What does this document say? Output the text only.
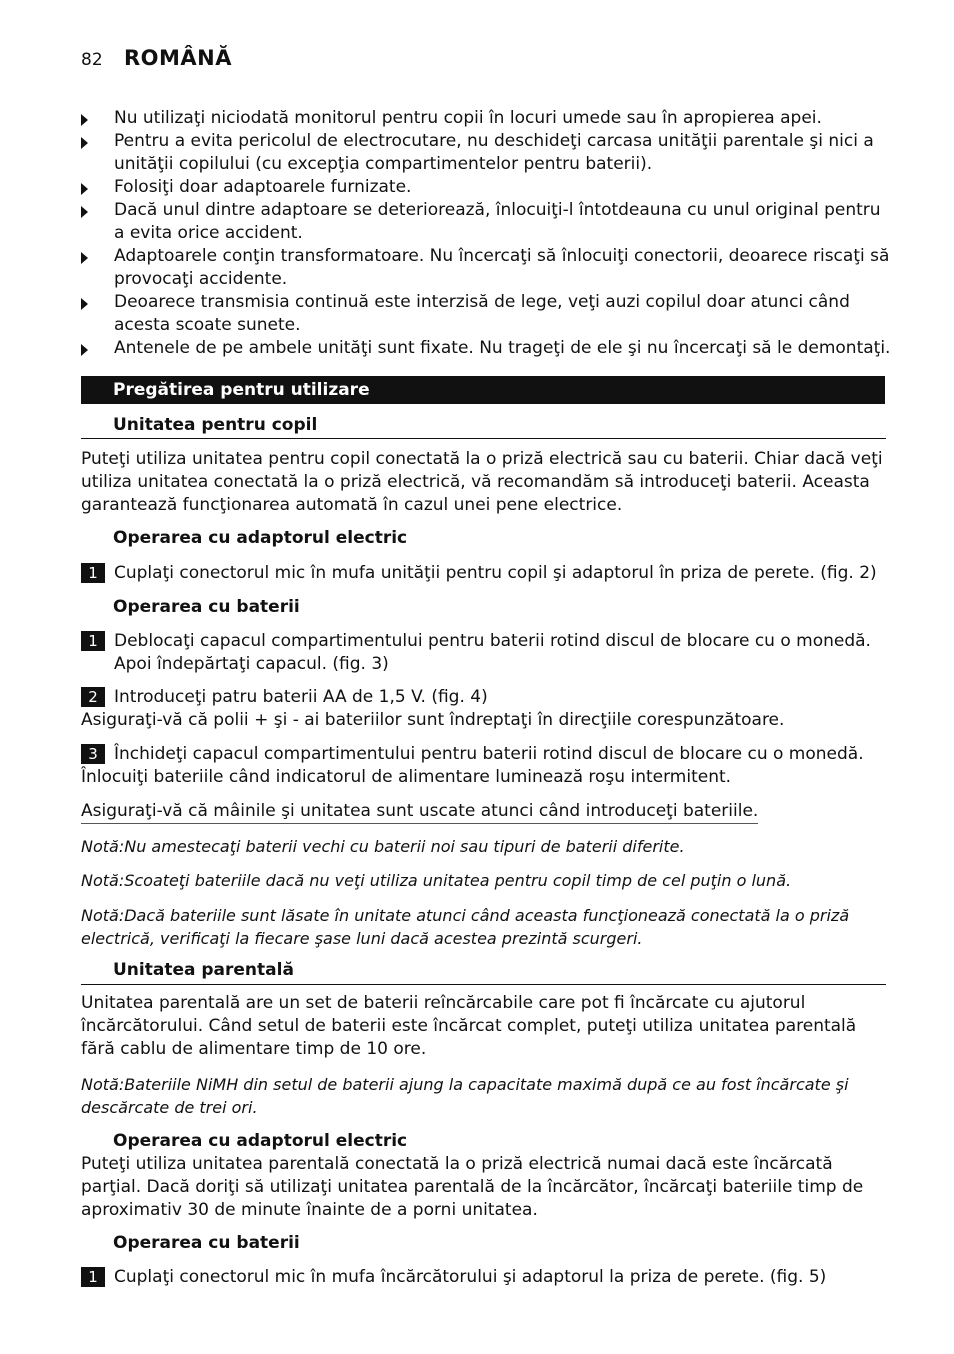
82 ROMÂNĂ
Nu utilizaţi niciodată monitorul pentru copii în locuri umede sau în apropierea apei.
Pentru a evita pericolul de electrocutare, nu deschideţi carcasa unităţii parentale şi nici a unităţii copilului (cu excepţia compartimentelor pentru baterii).
Folosiţi doar adaptoarele furnizate.
Dacă unul dintre adaptoare se deteriorează, înlocuiţi-l întotdeauna cu unul original pentru a evita orice accident.
Adaptoarele conţin transformatoare. Nu încercaţi să înlocuiţi conectorii, deoarece riscaţi să provocaţi accidente.
Deoarece transmisia continuă este interzisă de lege, veţi auzi copilul doar atunci când acesta scoate sunete.
Antenele de pe ambele unităţi sunt fixate. Nu trageţi de ele şi nu încercaţi să le demontaţi.
Pregătirea pentru utilizare
Unitatea pentru copil
Puteţi utiliza unitatea pentru copil conectată la o priză electrică sau cu baterii. Chiar dacă veţi utiliza unitatea conectată la o priză electrică, vă recomandăm să introduceţi baterii. Aceasta garantează funcţionarea automată în cazul unei pene electrice.
Operarea cu adaptorul electric
1 Cuplaţi conectorul mic în mufa unităţii pentru copil şi adaptorul în priza de perete. (fig. 2)
Operarea cu baterii
1 Deblocaţi capacul compartimentului pentru baterii rotind discul de blocare cu o monedă. Apoi îndepărtaţi capacul. (fig. 3)
2 Introduceţi patru baterii AA de 1,5 V. (fig. 4)
Asiguraţi-vă că polii + şi - ai bateriilor sunt îndreptaţi în direcţiile corespunzătoare.
3 Închideţi capacul compartimentului pentru baterii rotind discul de blocare cu o monedă.
Înlocuiţi bateriile când indicatorul de alimentare luminează roşu intermitent.
Asiguraţi-vă că mâinile şi unitatea sunt uscate atunci când introduceţi bateriile.
Notă:Nu amestecaţi baterii vechi cu baterii noi sau tipuri de baterii diferite.
Notă:Scoateţi bateriile dacă nu veţi utiliza unitatea pentru copil timp de cel puţin o lună.
Notă:Dacă bateriile sunt lăsate în unitate atunci când aceasta funcţionează conectată la o priză electrică, verificaţi la fiecare şase luni dacă acestea prezintă scurgeri.
Unitatea parentală
Unitatea parentală are un set de baterii reîncărcabile care pot fi încărcate cu ajutorul încărcătorului. Când setul de baterii este încărcat complet, puteţi utiliza unitatea parentală fără cablu de alimentare timp de 10 ore.
Notă:Bateriile NiMH din setul de baterii ajung la capacitate maximă după ce au fost încărcate şi descărcate de trei ori.
Operarea cu adaptorul electric
Puteţi utiliza unitatea parentală conectată la o priză electrică numai dacă este încărcată parţial. Dacă doriţi să utilizaţi unitatea parentală de la încărcător, încărcaţi bateriile timp de aproximativ 30 de minute înainte de a porni unitatea.
Operarea cu baterii
1 Cuplaţi conectorul mic în mufa încărcătorului şi adaptorul la priza de perete. (fig. 5)
